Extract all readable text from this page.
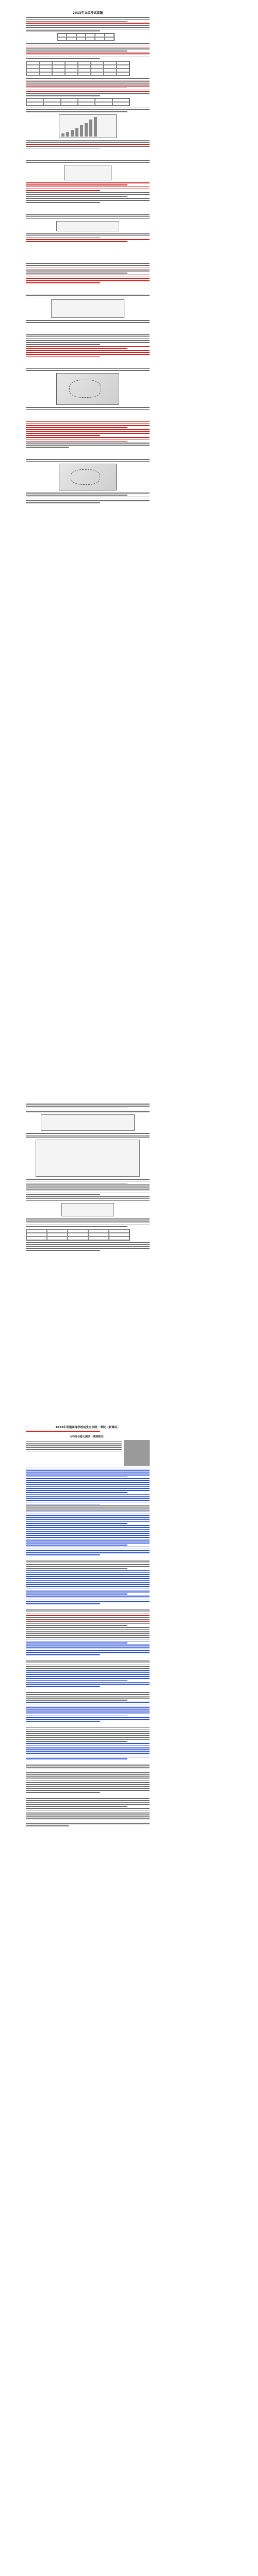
2013年文综考试真题
2013年普通高等学校招生全国统一考试（新课标）
文科综合能力测试（地理部分）
